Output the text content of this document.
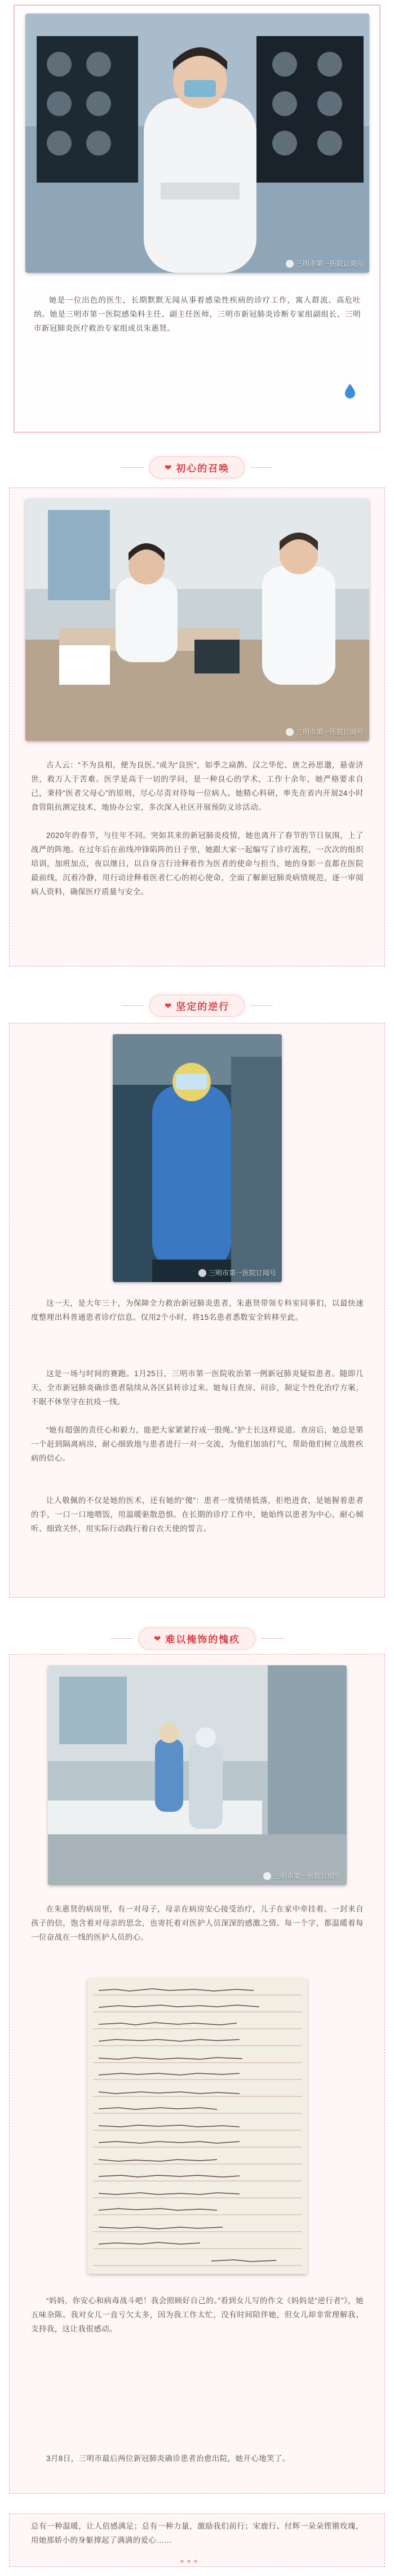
三明市第一医院订阅号
她是一位出色的医生，长期默默无闻从事着感染性疾病的诊疗工作，寓人群流、高危吐纳。她是三明市第一医院感染科主任、副主任医师，三明市新冠肺炎诊断专家组副组长、三明市新冠肺炎医疗救治专家组成员朱惠贤。
❤ 初心的召唤
三明市第一医院订阅号
古人云：“不为良相，便为良医。”或为“良医”，如季之扁鹊、汉之华佗、唐之孙思邈，悬壶济世，救万人于苦难。医学是高于一切的学问，是一种良心的学术，工作十余年，她严格要求自己，秉持“医者父母心”的原则，尽心尽责对待每一位病人。她精心科研，率先在省内开展24小时食管阻抗测定技术，地协办公室，多次深入社区开展预防义诊活动。
2020年的春节，与往年不同。突如其来的新冠肺炎疫情，她也离开了春节的节日氛围，上了战严的阵地。在过年后在前线冲锋陷阵的日子里，她跟大家一起编写了诊疗流程，一次次的组织培训，加班加点，夜以继日，以自身言行诠释着作为医者的使命与担当，她的身影一直都在医院最前线，沉着冷静，用行动诠释着医者仁心的初心使命，全面了解新冠肺炎病情规范，逐一审阅病人资料，确保医疗质量与安全。
❤ 坚定的逆行
三明市第一医院订阅号
这一天，是大年三十，为保障全力救治新冠肺炎患者，朱惠贤带领专科室同事们，以最快速度整理出科普通患者诊疗信息。仅用2个小时，将15名患者悉数安全转移至此。
这是一场与时间的赛跑。1月25日，三明市第一医院收治第一例新冠肺炎疑似患者。随即几天，全市新冠肺炎确诊患者陆续从各区县转诊过来。她每日查房、问诊，制定个性化治疗方案，不眠不休坚守在抗疫一线。
“她有超强的责任心和毅力，能把大家紧紧拧成一股绳。”护士长这样说道。查房后，她总是第一个赶到隔离病房，耐心细致地与患者进行一对一交流，为他们加油打气，帮助他们树立战胜疾病的信心。
让人敬佩的不仅是她的医术，还有她的“傻”：患者一度情绪低落，拒绝进食，是她握着患者的手，一口一口地喂饭，用温暖驱散恐惧。在长期的诊疗工作中，她始终以患者为中心，耐心倾听、细致关怀，用实际行动践行着白衣天使的誓言。
❤ 难以掩饰的愧疚
三明市第一医院订阅号
在朱惠贤的病房里，有一对母子，母亲在病房安心接受治疗，儿子在家中牵挂着。一封来自孩子的信，饱含着对母亲的思念，也寄托着对医护人员深深的感激之情。每一个字，都温暖着每一位奋战在一线的医护人员的心。
“妈妈，你安心和病毒战斗吧！我会照顾好自己的。”看到女儿写的作文《妈妈是“逆行者”》，她五味杂陈。我对女儿一直亏欠太多，因为我工作太忙，没有时间陪伴她，但女儿却非常理解我、支持我，这让我很感动。
3月8日，三明市最后两位新冠肺炎确诊患者治愈出院，她开心地笑了。
总有一种温暖，让人倍感满足；总有一种力量，激励我们前行；宋鹿行、付辉一朵朵铿锵玫瑰，用她那娇小的身躯撑起了满满的爱心……
